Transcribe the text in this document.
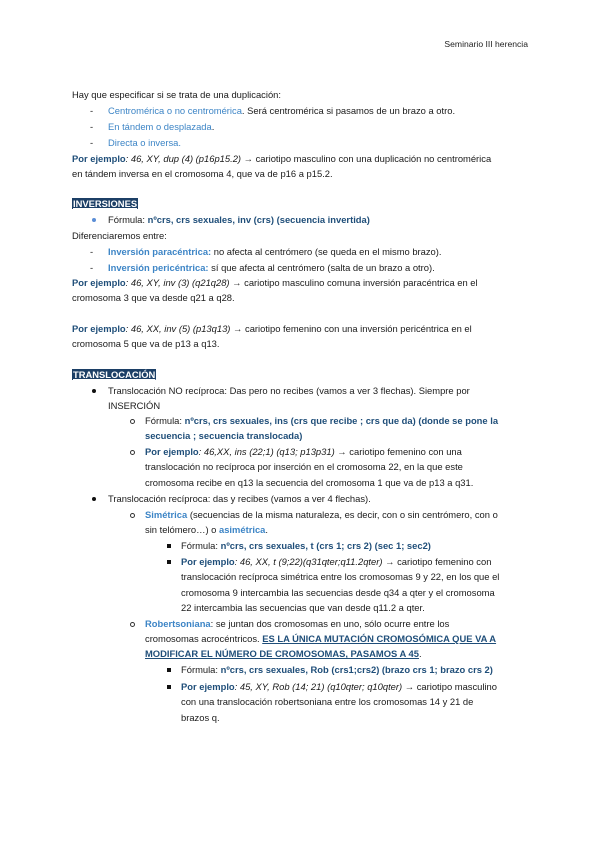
Seminario III herencia
Hay que especificar si se trata de una duplicación:
- Centromérica o no centromérica. Será centromérica si pasamos de un brazo a otro.
- En tándem o desplazada.
- Directa o inversa.
Por ejemplo: 46, XY, dup (4) (p16p15.2) → cariotipo masculino con una duplicación no centromérica
en tándem inversa en el cromosoma 4, que va de p16 a p15.2.
INVERSIONES
Fórmula: nºcrs, crs sexuales, inv (crs) (secuencia invertida)
Diferenciaremos entre:
- Inversión paracéntrica: no afecta al centrómero (se queda en el mismo brazo).
- Inversión pericéntrica: sí que afecta al centrómero (salta de un brazo a otro).
Por ejemplo: 46, XY, inv (3) (q21q28) → cariotipo masculino comuna inversión paracéntrica en el
cromosoma 3 que va desde q21 a q28.
Por ejemplo: 46, XX, inv (5) (p13q13) → cariotipo femenino con una inversión pericéntrica en el
cromosoma 5 que va de p13 a q13.
TRANSLOCACIÓN
Translocación NO recíproca: Das pero no recibes (vamos a ver 3 flechas). Siempre por
INSERCIÓN
Fórmula: nºcrs, crs sexuales, ins (crs que recibe ; crs que da) (donde se pone la
secuencia ; secuencia translocada)
Por ejemplo: 46,XX, ins (22;1) (q13; p13p31) → cariotipo femenino con una
translocación no recíproca por inserción en el cromosoma 22, en la que este
cromosoma recibe en q13 la secuencia del cromosoma 1 que va de p13 a q31.
Translocación recíproca: das y recibes (vamos a ver 4 flechas).
Simétrica (secuencias de la misma naturaleza, es decir, con o sin centrómero, con o
sin telómero…) o asimétrica.
Fórmula: nºcrs, crs sexuales, t (crs 1; crs 2) (sec 1; sec2)
Por ejemplo: 46, XX, t (9;22)(q31qter;q11.2qter) → cariotipo femenino con
translocación recíproca simétrica entre los cromosomas 9 y 22, en los que el
cromosoma 9 intercambia las secuencias desde q34 a qter y el cromosoma
22 intercambia las secuencias que van desde q11.2 a qter.
Robertsoniana: se juntan dos cromosomas en uno, sólo ocurre entre los
cromosomas acrocéntricos. ES LA ÚNICA MUTACIÓN CROMOSÓMICA QUE VA A
MODIFICAR EL NÚMERO DE CROMOSOMAS, PASAMOS A 45.
Fórmula: nºcrs, crs sexuales, Rob (crs1;crs2) (brazo crs 1; brazo crs 2)
Por ejemplo: 45, XY, Rob (14; 21) (q10qter; q10qter) → cariotipo masculino
con una translocación robertsoniana entre los cromosomas 14 y 21 de
brazos q.
